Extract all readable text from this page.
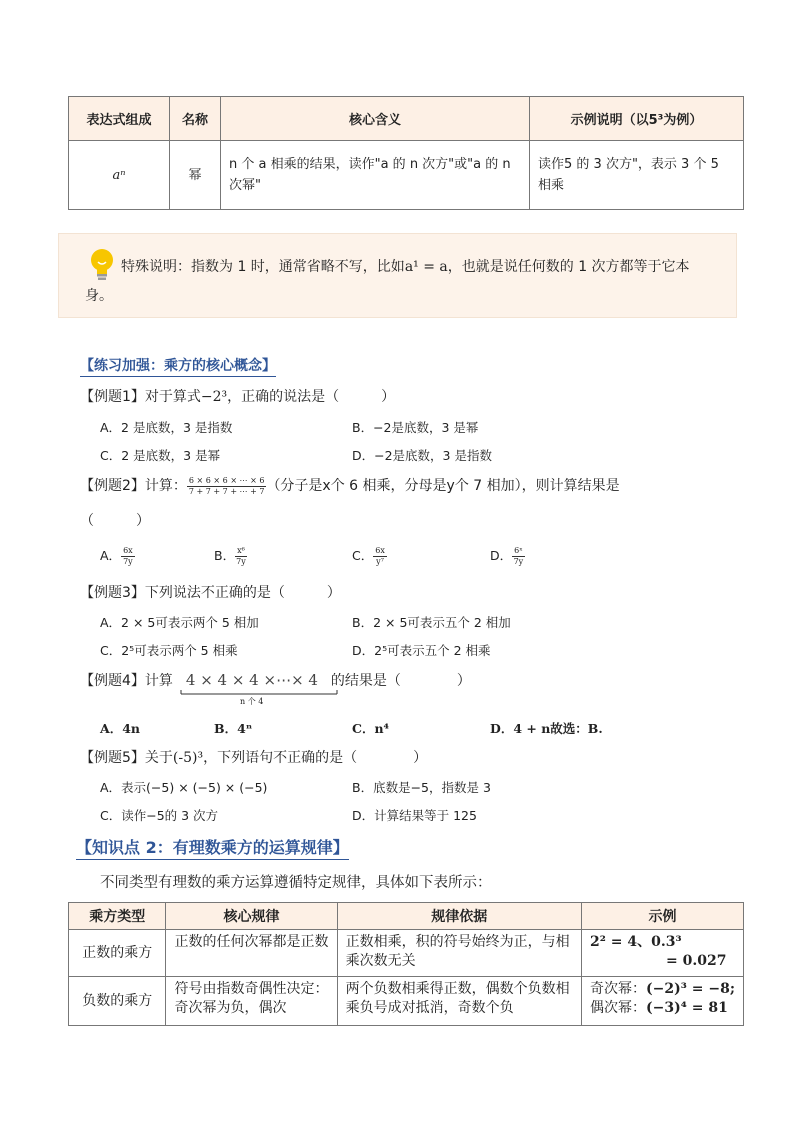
表达式组成	名称	核心含义	示例说明（以5³为例）
aⁿ	幂	n 个 a 相乘的结果，读作"a 的 n 次方"或"a 的 n 次幂"	读作5 的 3 次方"，表示 3 个 5 相乘
特殊说明：指数为 1 时，通常省略不写，比如a¹ = a，也就是说任何数的 1 次方都等于它本身。
【练习加强：乘方的核心概念】
【例题1】对于算式−2³，正确的说法是（　　　）
A．2 是底数，3 是指数	B．−2是底数，3 是幂
C．2 是底数，3 是幂	D．−2是底数，3 是指数
【例题2】计算： $\frac{6 \times 6 \times 6 \times \cdots \times 6}{7 + 7 + 7 + \cdots + 7}$ （分子是x个 6 相乘，分母是y个 7 相加），则计算结果是
（　　　）
A． $\frac{6x}{7y}$	B． $\frac{\text{x⁶}}{7y}$	C． $\frac{6x}{\text{y⁷}}$	D． $\frac{\text{6ˣ}}{7y}$
【例题3】下列说法不正确的是（　　　）
A．2 × 5可表示两个 5 相加	B．2 × 5可表示五个 2 相加
C．2⁵可表示两个 5 相乘	D．2⁵可表示五个 2 相乘
【例题4】计算 4 × 4 × 4 ×⋯× 4 的结果是（　　　　）
n 个 4
A．4n	B．4ⁿ	C．n⁴	D．4 + n故选：B.
【例题5】关于(-5)³，下列语句不正确的是（　　　　）
A．表示(−5) × (−5) × (−5)	B．底数是−5，指数是 3
C．读作−5的 3 次方	D．计算结果等于 125
【知识点 2：有理数乘方的运算规律】
不同类型有理数的乘方运算遵循特定规律，具体如下表所示：
乘方类型	核心规律	规律依据	示例
正数的乘方	正数的任何次幂都是正数	正数相乘，积的符号始终为正，与相乘次数无关	2² = 4、0.3³
= 0.027

负数的乘方	符号由指数奇偶性决定：奇次幂为负，偶次	两个负数相乘得正数，偶数个负数相乘负号成对抵消，奇数个负	奇次幂：(−2)³ = −8;
偶次幂：(−3)⁴ = 81
